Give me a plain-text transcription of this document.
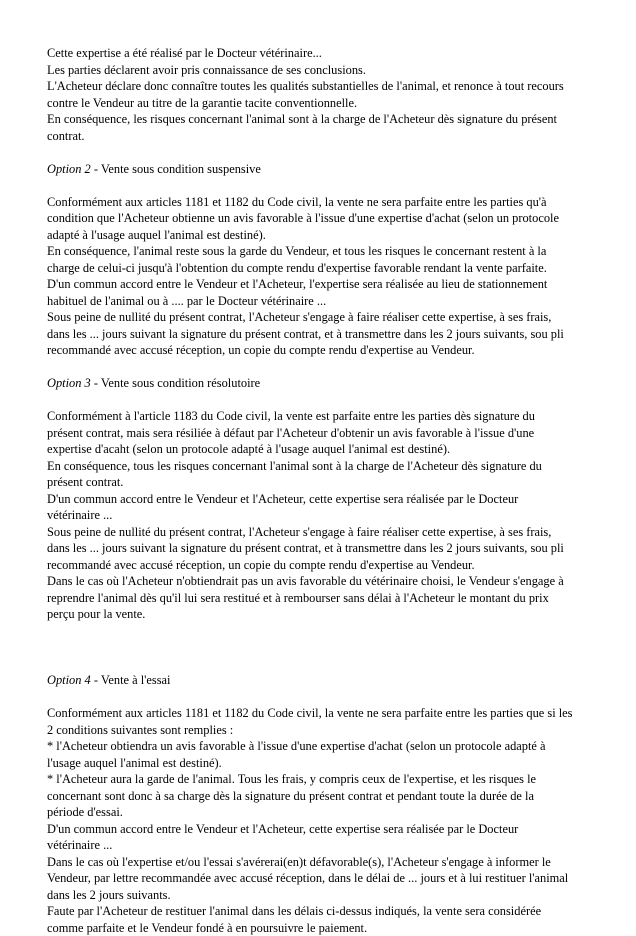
Cette expertise a été réalisé par le Docteur vétérinaire...
Les parties déclarent avoir pris connaissance de ses conclusions.
L'Acheteur déclare donc connaître toutes les qualités substantielles de l'animal, et renonce à tout recours
contre le Vendeur au titre de la garantie tacite conventionnelle.
En conséquence, les risques concernant l'animal sont à la charge de l'Acheteur dès signature du présent
contrat.
Option 2 - Vente sous condition suspensive
Conformément aux articles 1181 et 1182 du Code civil, la vente ne sera parfaite entre les parties qu'à
condition que l'Acheteur obtienne un avis favorable à l'issue d'une expertise d'achat (selon un protocole
adapté à l'usage auquel l'animal est destiné).
En conséquence, l'animal reste sous la garde du Vendeur, et tous les risques le concernant restent à la
charge de celui-ci jusqu'à l'obtention du compte rendu d'expertise favorable rendant la vente parfaite.
D'un commun accord entre le Vendeur et l'Acheteur, l'expertise sera réalisée au lieu de stationnement
habituel de l'animal ou à .... par le Docteur vétérinaire ...
Sous peine de nullité du présent contrat, l'Acheteur s'engage à faire réaliser cette expertise, à ses frais,
dans les ... jours suivant la signature du présent contrat, et à transmettre dans les 2 jours suivants, sou pli
recommandé avec accusé réception, un copie du compte rendu d'expertise au Vendeur.
Option 3 - Vente sous condition résolutoire
Conformément à l'article 1183 du Code civil, la vente est parfaite entre les parties dès signature du
présent contrat, mais sera résiliée à défaut par l'Acheteur d'obtenir un avis favorable à l'issue d'une
expertise d'acaht (selon un protocole adapté à l'usage auquel l'animal est destiné).
En conséquence, tous les risques concernant l'animal sont à la charge de l'Acheteur dès signature du
présent contrat.
D'un commun accord entre le Vendeur et l'Acheteur, cette expertise sera réalisée par le Docteur
vétérinaire ...
Sous peine de nullité du présent contrat, l'Acheteur s'engage à faire réaliser cette expertise, à ses frais,
dans les ... jours suivant la signature du présent contrat, et à transmettre dans les 2 jours suivants, sou pli
recommandé avec accusé réception, un copie du compte rendu d'expertise au Vendeur.
Dans le cas où l'Acheteur n'obtiendrait pas un avis favorable du vétérinaire choisi, le Vendeur s'engage à
reprendre l'animal dès qu'il lui sera restitué et à rembourser sans délai à l'Acheteur le montant du prix
perçu pour la vente.
Option 4 - Vente à l'essai
Conformément aux articles 1181 et 1182 du Code civil, la vente ne sera parfaite entre les parties que si les
2 conditions suivantes sont remplies :
* l'Acheteur obtiendra un avis favorable à l'issue d'une expertise d'achat (selon un protocole adapté à
l'usage auquel l'animal est destiné).
* l'Acheteur aura la garde de l'animal. Tous les frais, y compris ceux de l'expertise, et les risques le
concernant sont donc à sa charge dès la signature du présent contrat et pendant toute la durée de la
période d'essai.
D'un commun accord entre le Vendeur et l'Acheteur, cette expertise sera réalisée par le Docteur
vétérinaire ...
Dans le cas où l'expertise et/ou l'essai s'avérerai(en)t défavorable(s), l'Acheteur s'engage à informer le
Vendeur, par lettre recommandée avec accusé réception, dans le délai de ... jours et à lui restituer l'animal
dans les 2 jours suivants.
Faute par l'Acheteur de restituer l'animal dans les délais ci-dessus indiqués, la vente sera considérée
comme parfaite et le Vendeur fondé à en poursuivre le paiement.
